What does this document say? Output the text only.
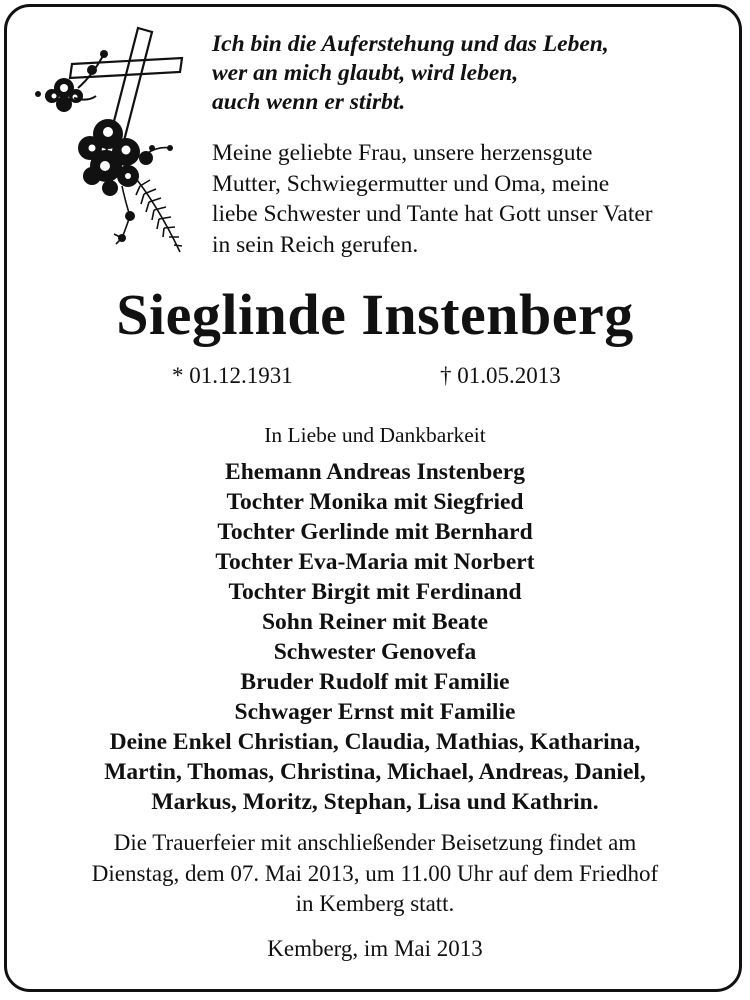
Ich bin die Auferstehung und das Leben,
wer an mich glaubt, wird leben,
auch wenn er stirbt.

Meine geliebte Frau, unsere herzensgute
Mutter, Schwiegermutter und Oma, meine
liebe Schwester und Tante hat Gott unser Vater
in sein Reich gerufen.

Sieglinde Instenberg
* 01.12.1931	† 01.05.2013
In Liebe und Dankbarkeit
Ehemann Andreas Instenberg
Tochter Monika mit Siegfried
Tochter Gerlinde mit Bernhard
Tochter Eva-Maria mit Norbert
Tochter Birgit mit Ferdinand
Sohn Reiner mit Beate
Schwester Genovefa
Bruder Rudolf mit Familie
Schwager Ernst mit Familie
Deine Enkel Christian, Claudia, Mathias, Katharina,
Martin, Thomas, Christina, Michael, Andreas, Daniel,
Markus, Moritz, Stephan, Lisa und Kathrin.
Die Trauerfeier mit anschließender Beisetzung findet am
Dienstag, dem 07. Mai 2013, um 11.00 Uhr auf dem Friedhof
in Kemberg statt.
Kemberg, im Mai 2013
